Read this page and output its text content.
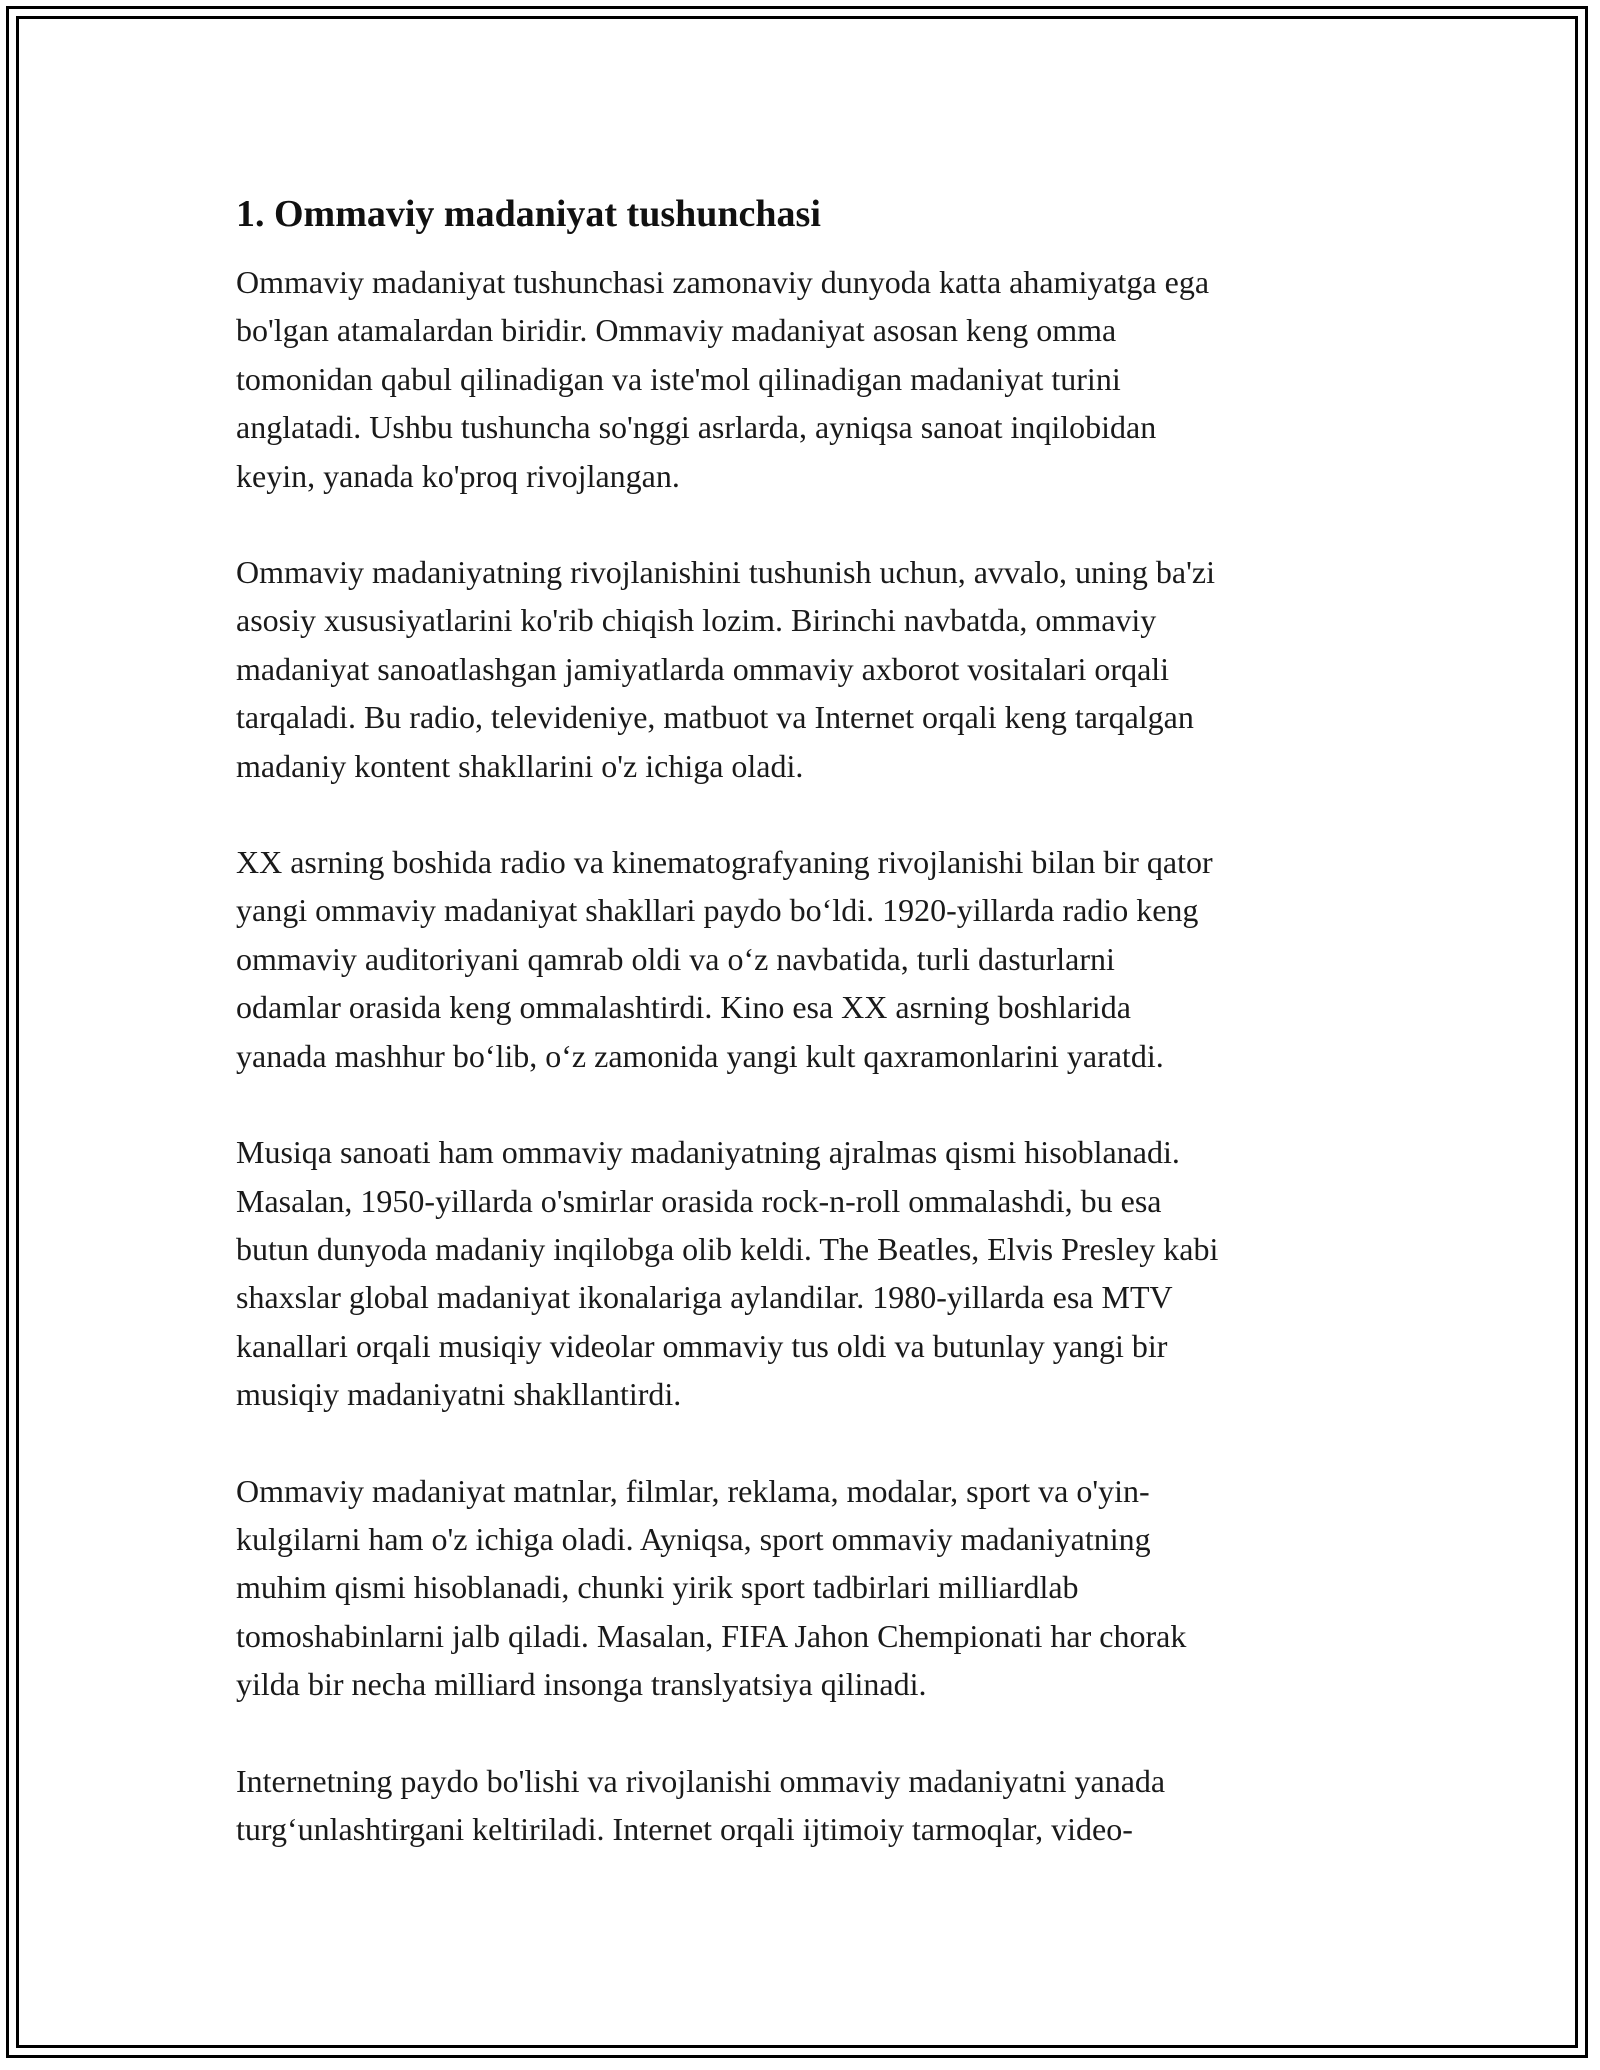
1. Ommaviy madaniyat tushunchasi

Ommaviy madaniyat tushunchasi zamonaviy dunyoda katta ahamiyatga ega
bo'lgan atamalardan biridir. Ommaviy madaniyat asosan keng omma
tomonidan qabul qilinadigan va iste'mol qilinadigan madaniyat turini
anglatadi. Ushbu tushuncha so'nggi asrlarda, ayniqsa sanoat inqilobidan
keyin, yanada ko'proq rivojlangan.

Ommaviy madaniyatning rivojlanishini tushunish uchun, avvalo, uning ba'zi
asosiy xususiyatlarini ko'rib chiqish lozim. Birinchi navbatda, ommaviy
madaniyat sanoatlashgan jamiyatlarda ommaviy axborot vositalari orqali
tarqaladi. Bu radio, televideniye, matbuot va Internet orqali keng tarqalgan
madaniy kontent shakllarini o'z ichiga oladi.

XX asrning boshida radio va kinematografyaning rivojlanishi bilan bir qator
yangi ommaviy madaniyat shakllari paydo bo‘ldi. 1920-yillarda radio keng
ommaviy auditoriyani qamrab oldi va o‘z navbatida, turli dasturlarni
odamlar orasida keng ommalashtirdi. Kino esa XX asrning boshlarida
yanada mashhur bo‘lib, o‘z zamonida yangi kult qaxramonlarini yaratdi.

Musiqa sanoati ham ommaviy madaniyatning ajralmas qismi hisoblanadi.
Masalan, 1950-yillarda o'smirlar orasida rock-n-roll ommalashdi, bu esa
butun dunyoda madaniy inqilobga olib keldi. The Beatles, Elvis Presley kabi
shaxslar global madaniyat ikonalariga aylandilar. 1980-yillarda esa MTV
kanallari orqali musiqiy videolar ommaviy tus oldi va butunlay yangi bir
musiqiy madaniyatni shakllantirdi.

Ommaviy madaniyat matnlar, filmlar, reklama, modalar, sport va o'yin-
kulgilarni ham o'z ichiga oladi. Ayniqsa, sport ommaviy madaniyatning
muhim qismi hisoblanadi, chunki yirik sport tadbirlari milliardlab
tomoshabinlarni jalb qiladi. Masalan, FIFA Jahon Chempionati har chorak
yilda bir necha milliard insonga translyatsiya qilinadi.

Internetning paydo bo'lishi va rivojlanishi ommaviy madaniyatni yanada
turg‘unlashtirgani keltiriladi. Internet orqali ijtimoiy tarmoqlar, video-
